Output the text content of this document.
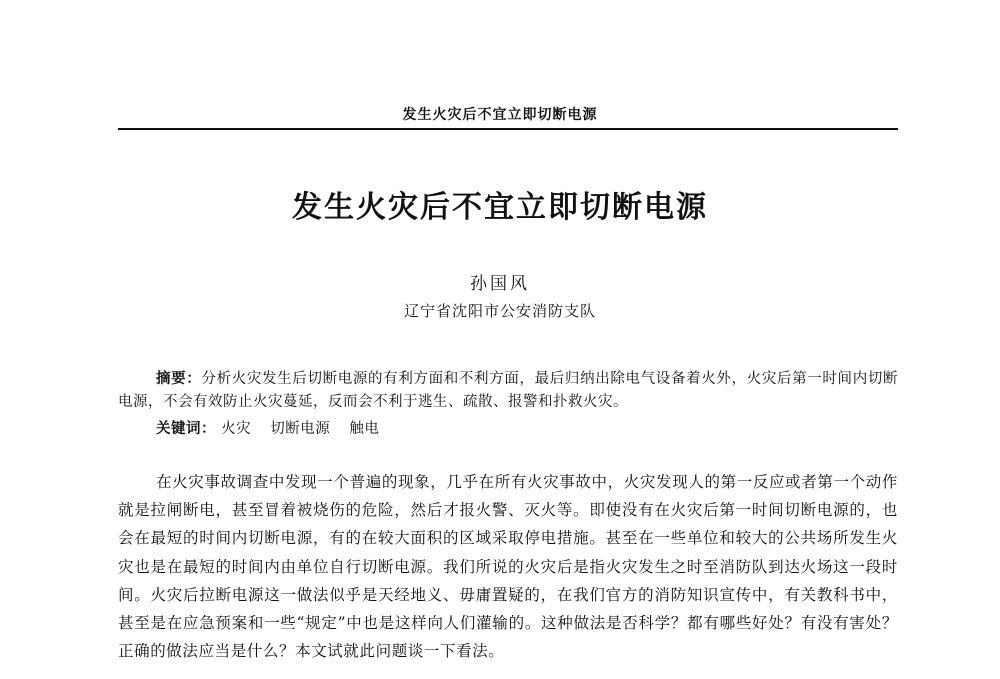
发生火灾后不宜立即切断电源
发生火灾后不宜立即切断电源
孙国风
辽宁省沈阳市公安消防支队

摘要：分析火灾发生后切断电源的有利方面和不利方面，最后归纳出除电气设备着火外，火灾后第一时间内切断电源，不会有效防止火灾蔓延，反而会不利于逃生、疏散、报警和扑救火灾。

关键词： 火灾 切断电源 触电

在火灾事故调查中发现一个普遍的现象，几乎在所有火灾事故中，火灾发现人的第一反应或者第一个动作就是拉闸断电，甚至冒着被烧伤的危险，然后才报火警、灭火等。即使没有在火灾后第一时间切断电源的，也会在最短的时间内切断电源，有的在较大面积的区域采取停电措施。甚至在一些单位和较大的公共场所发生火灾也是在最短的时间内由单位自行切断电源。我们所说的火灾后是指火灾发生之时至消防队到达火场这一段时间。火灾后拉断电源这一做法似乎是天经地义、毋庸置疑的，在我们官方的消防知识宣传中，有关教科书中，甚至是在应急预案和一些“规定”中也是这样向人们灌输的。这种做法是否科学？都有哪些好处？有没有害处？正确的做法应当是什么？本文试就此问题谈一下看法。
